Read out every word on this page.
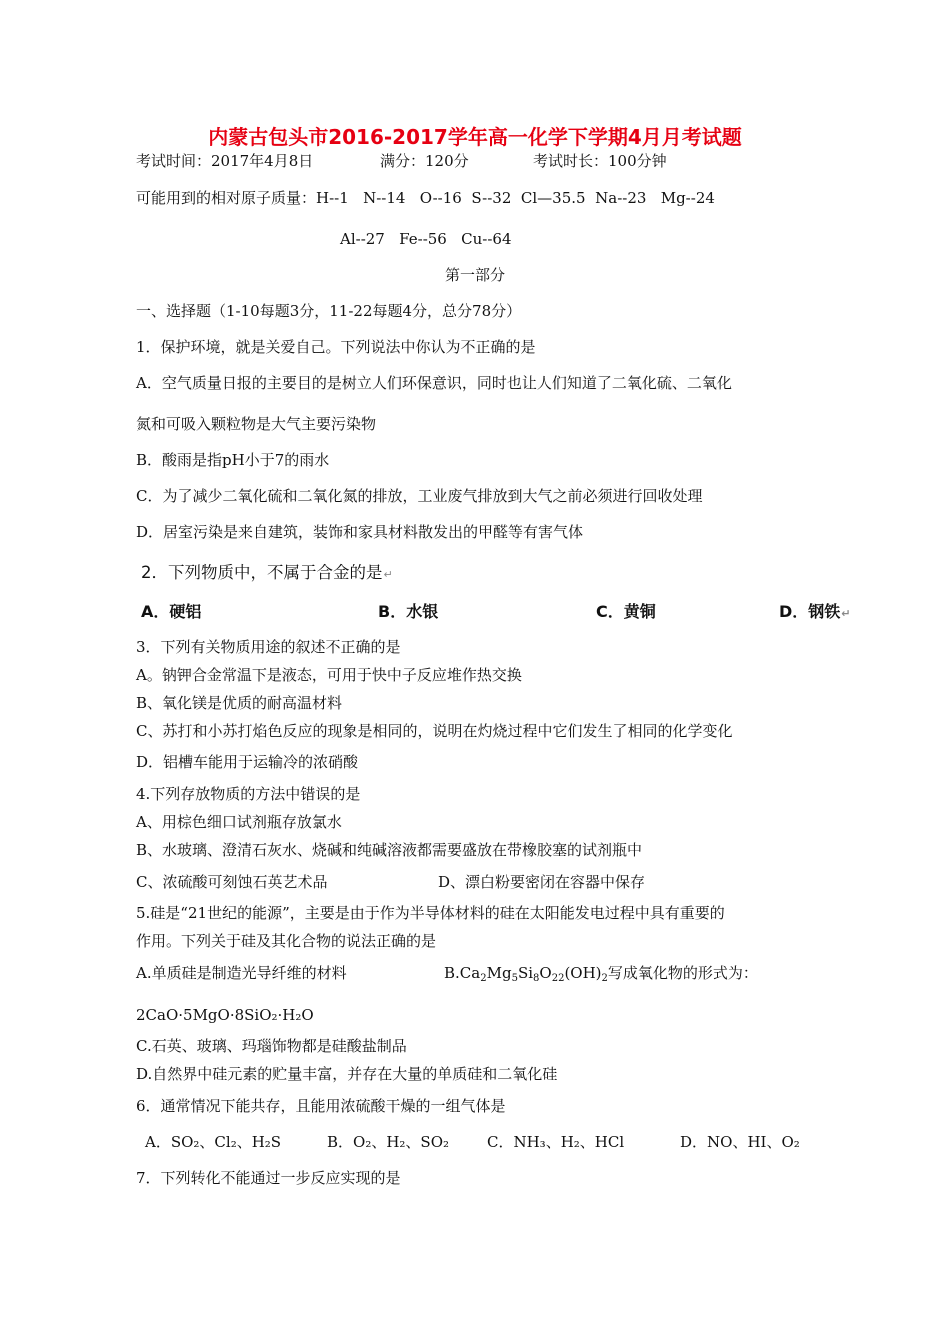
内蒙古包头市2016-2017学年高一化学下学期4月月考试题
考试时间：2017年4月8日	满分：120分	考试时长：100分钟
可能用到的相对原子质量：H--1   N--14   O--16  S--32  Cl—35.5  Na--23   Mg--24
Al--27   Fe--56   Cu--64
第一部分
一、选择题（1-10每题3分，11-22每题4分，总分78分）
1．保护环境，就是关爱自己。下列说法中你认为不正确的是
A．空气质量日报的主要目的是树立人们环保意识，同时也让人们知道了二氧化硫、二氧化
氮和可吸入颗粒物是大气主要污染物
B．酸雨是指pH小于7的雨水
C．为了减少二氧化硫和二氧化氮的排放，工业废气排放到大气之前必须进行回收处理
D．居室污染是来自建筑，装饰和家具材料散发出的甲醛等有害气体
2．下列物质中，不属于合金的是↵
A．硬铝	B．水银	C．黄铜	D．钢铁↵
3．下列有关物质用途的叙述不正确的是
A。钠钾合金常温下是液态，可用于快中子反应堆作热交换
B、氧化镁是优质的耐高温材料
C、苏打和小苏打焰色反应的现象是相同的，说明在灼烧过程中它们发生了相同的化学变化
D．铝槽车能用于运输冷的浓硝酸
4.下列存放物质的方法中错误的是
A、用棕色细口试剂瓶存放氯水
B、水玻璃、澄清石灰水、烧碱和纯碱溶液都需要盛放在带橡胶塞的试剂瓶中
C、浓硫酸可刻蚀石英艺术品	D、漂白粉要密闭在容器中保存
5.硅是“21世纪的能源”，主要是由于作为半导体材料的硅在太阳能发电过程中具有重要的
作用。下列关于硅及其化合物的说法正确的是
A.单质硅是制造光导纤维的材料	$B.Ca_2Mg_5Si_8O_{22}(OH)_2$写成氧化物的形式为：
2CaO·5MgO·8SiO₂·H₂O
C.石英、玻璃、玛瑙饰物都是硅酸盐制品
D.自然界中硅元素的贮量丰富，并存在大量的单质硅和二氧化硅
6．通常情况下能共存，且能用浓硫酸干燥的一组气体是
A．SO₂、Cl₂、H₂S	B．O₂、H₂、SO₂	C．NH₃、H₂、HCl	D．NO、HI、O₂
7．下列转化不能通过一步反应实现的是
